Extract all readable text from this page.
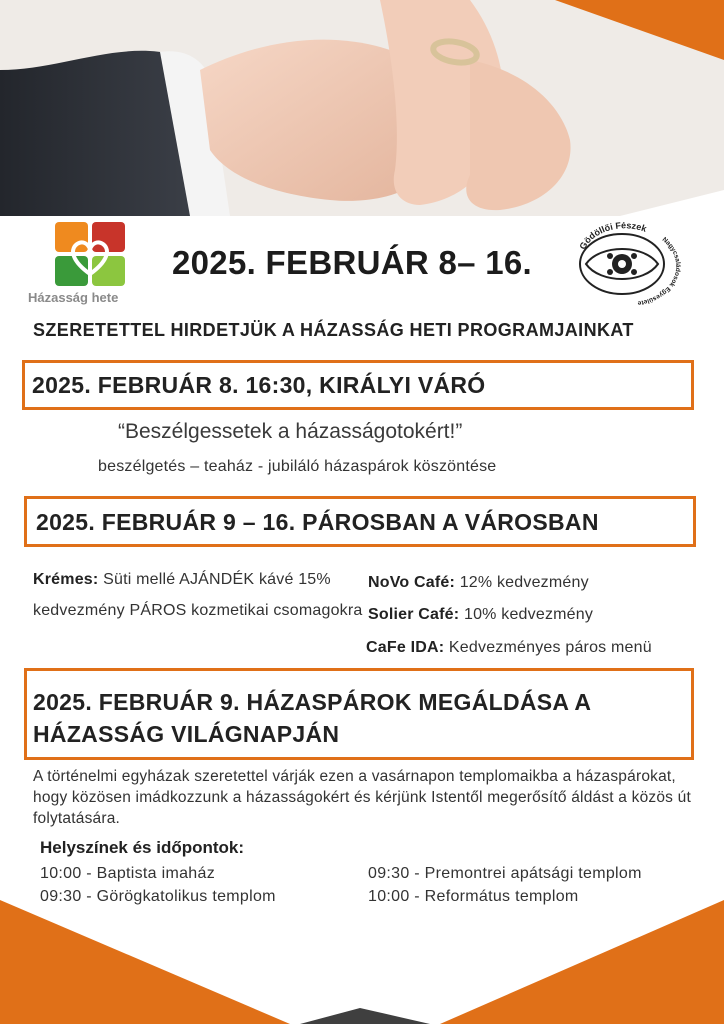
Házasság hete
Gödöllői Fészek
Nagycsaládosok Egyesülete
2025. FEBRUÁR 8– 16.
SZERETETTEL HIRDETJÜK A HÁZASSÁG HETI PROGRAMJAINKAT
2025. FEBRUÁR 8. 16:30, KIRÁLYI VÁRÓ
“Beszélgessetek a házasságotokért!”
beszélgetés – teaház - jubiláló házaspárok köszöntése
2025. FEBRUÁR 9 – 16. PÁROSBAN A VÁROSBAN
Krémes: Süti mellé AJÁNDÉK kávé 15% kedvezmény PÁROS kozmetikai csomagokra
NoVo Café: 12% kedvezmény
Solier Café: 10% kedvezmény
CaFe IDA: Kedvezményes páros menü
2025. FEBRUÁR 9. HÁZASPÁROK MEGÁLDÁSA A HÁZASSÁG VILÁGNAPJÁN
A történelmi egyházak szeretettel várják ezen a vasárnapon templomaikba a házaspárokat, hogy közösen imádkozzunk a házasságokért és kérjünk Istentől megerősítő áldást a közös út folytatására.
Helyszínek és időpontok:
10:00 - Baptista imaház	09:30 - Premontrei apátsági templom
09:30 - Görögkatolikus templom	10:00 - Református templom
